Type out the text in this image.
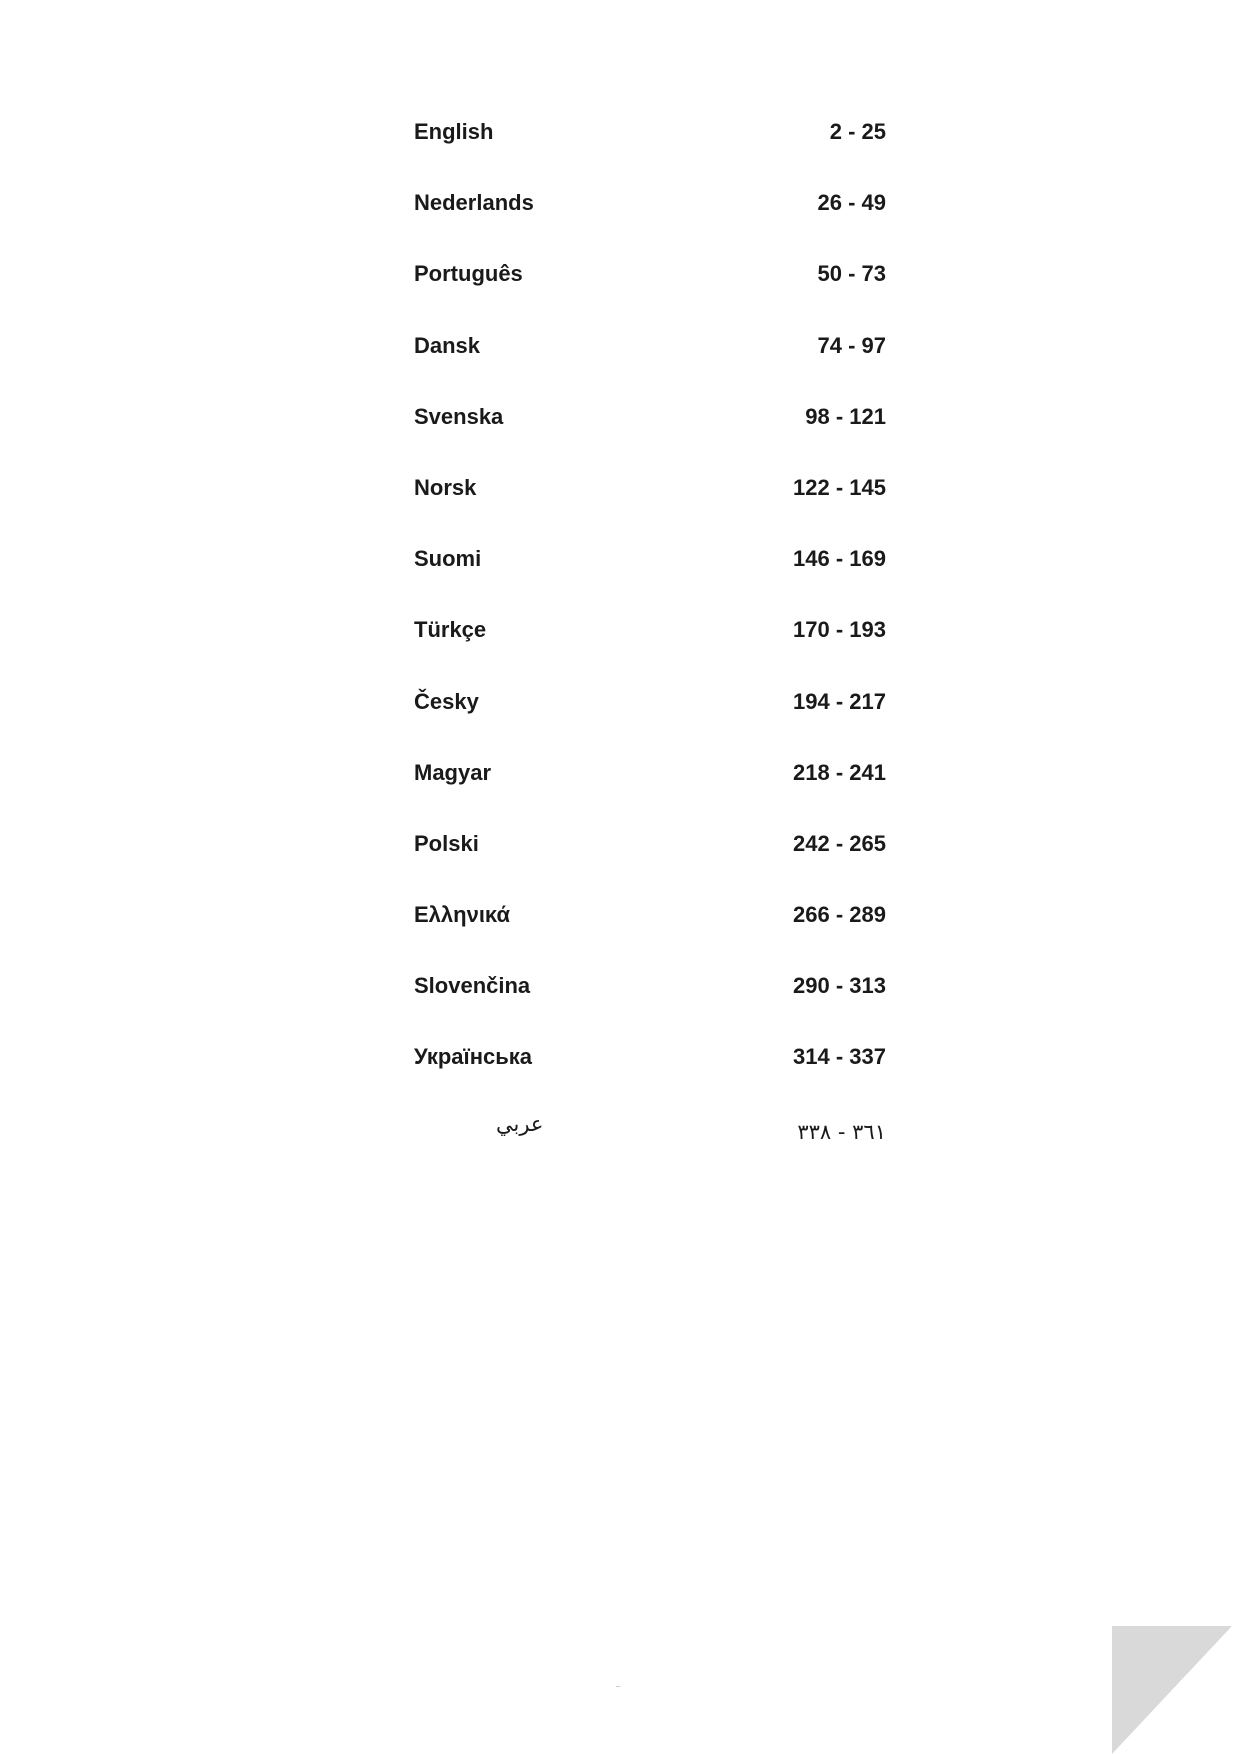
English	2 - 25
Nederlands	26 - 49
Português	50 - 73
Dansk	74 - 97
Svenska	98 - 121
Norsk	122 - 145
Suomi	146 - 169
Türkçe	170 - 193
Česky	194 - 217
Magyar	218 - 241
Polski	242 - 265
Ελληνικά	266 - 289
Slovenčina	290 - 313
Українська	314 - 337
عربي	٣٦١ - ٣٣٨
